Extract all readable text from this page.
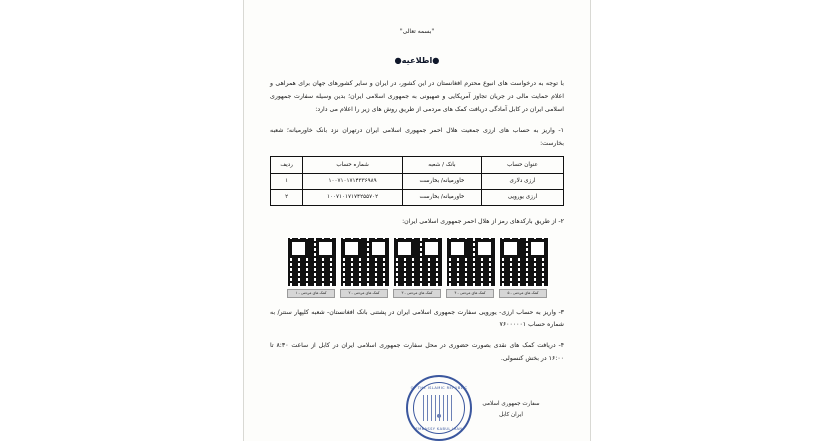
"بسمه تعالی"
●اطلاعیه●

با توجه به درخواست های انبوع محترم افغانستان در این کشور، در ایران و سایر کشورهای جهان برای همراهی و اعلام حمایت مالی در جریان تجاوز آمریکایی و صهیونی به جمهوری اسلامی ایران؛ بدین وسیله سفارت جمهوری اسلامی ایران در کابل آمادگی دریافت کمک های مردمی از طریق روش های زیر را اعلام می دارد:

۱- واریز به حساب های ارزی جمعیت هلال احمر جمهوری اسلامی ایران درتهران نزد بانک خاورمیانه؛ شعبه بخارست:
عنوان حساب	بانک / شعبه	شماره حساب	ردیف
ارزی دلاری	خاورمیانه/ بخارست	۱۰۰۷۱۰۱۷۱۴۳۳۶۹۸۹	۱
ارزی یورویی	خاورمیانه/ بخارست	۱۰۰۷۱۰۱۷۱۷۴۲۵۵۷۰۲	۲
۲- از طریق بارکدهای رمز از هلال احمر جمهوری اسلامی ایران:
کمک های مردمی - ۱	کمک های مردمی - ۲	کمک های مردمی - ۳	کمک های مردمی - ۴	کمک های مردمی - ۵
۳- واریز به حساب ارزی- یورویی سفارت جمهوری اسلامی ایران در پشتنی بانک افغانستان- شعبه کلپهار سنتر/ به شماره حساب ۷۶۰۰۰۰۰۱
۴- دریافت کمک های نقدی بصورت حضوری در محل سفارت جمهوری اسلامی ایران در کابل از ساعت ۸:۳۰ تا ۱۶:۰۰ در بخش کنسولی.
OF THE ISLAMIC REPUBLIC
EMBASSY KABUL IRAN
سفارت جمهوری اسلامی ایران کابل
